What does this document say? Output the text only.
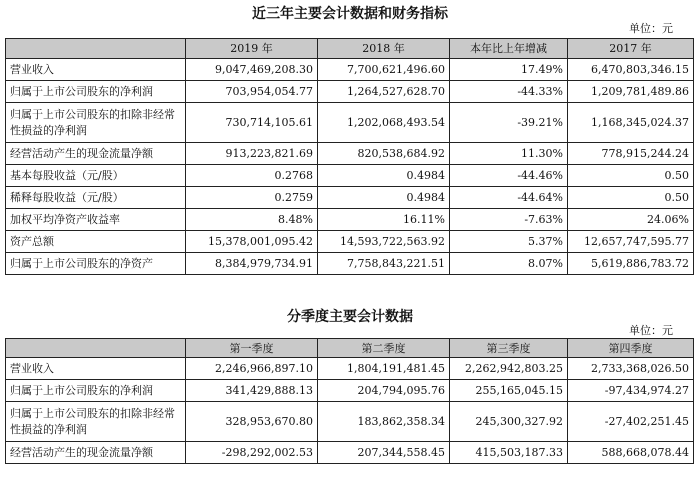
近三年主要会计数据和财务指标
单位：元
	2019 年	2018 年	本年比上年增减	2017 年
营业收入	9,047,469,208.30	7,700,621,496.60	17.49%	6,470,803,346.15
归属于上市公司股东的净利润	703,954,054.77	1,264,527,628.70	-44.33%	1,209,781,489.86
归属于上市公司股东的扣除非经常性损益的净利润	730,714,105.61	1,202,068,493.54	-39.21%	1,168,345,024.37
经营活动产生的现金流量净额	913,223,821.69	820,538,684.92	11.30%	778,915,244.24
基本每股收益（元/股）	0.2768	0.4984	-44.46%	0.50
稀释每股收益（元/股）	0.2759	0.4984	-44.64%	0.50
加权平均净资产收益率	8.48%	16.11%	-7.63%	24.06%
资产总额	15,378,001,095.42	14,593,722,563.92	5.37%	12,657,747,595.77
归属于上市公司股东的净资产	8,384,979,734.91	7,758,843,221.51	8.07%	5,619,886,783.72
分季度主要会计数据
单位：元
	第一季度	第二季度	第三季度	第四季度
营业收入	2,246,966,897.10	1,804,191,481.45	2,262,942,803.25	2,733,368,026.50
归属于上市公司股东的净利润	341,429,888.13	204,794,095.76	255,165,045.15	-97,434,974.27
归属于上市公司股东的扣除非经常性损益的净利润	328,953,670.80	183,862,358.34	245,300,327.92	-27,402,251.45
经营活动产生的现金流量净额	-298,292,002.53	207,344,558.45	415,503,187.33	588,668,078.44
